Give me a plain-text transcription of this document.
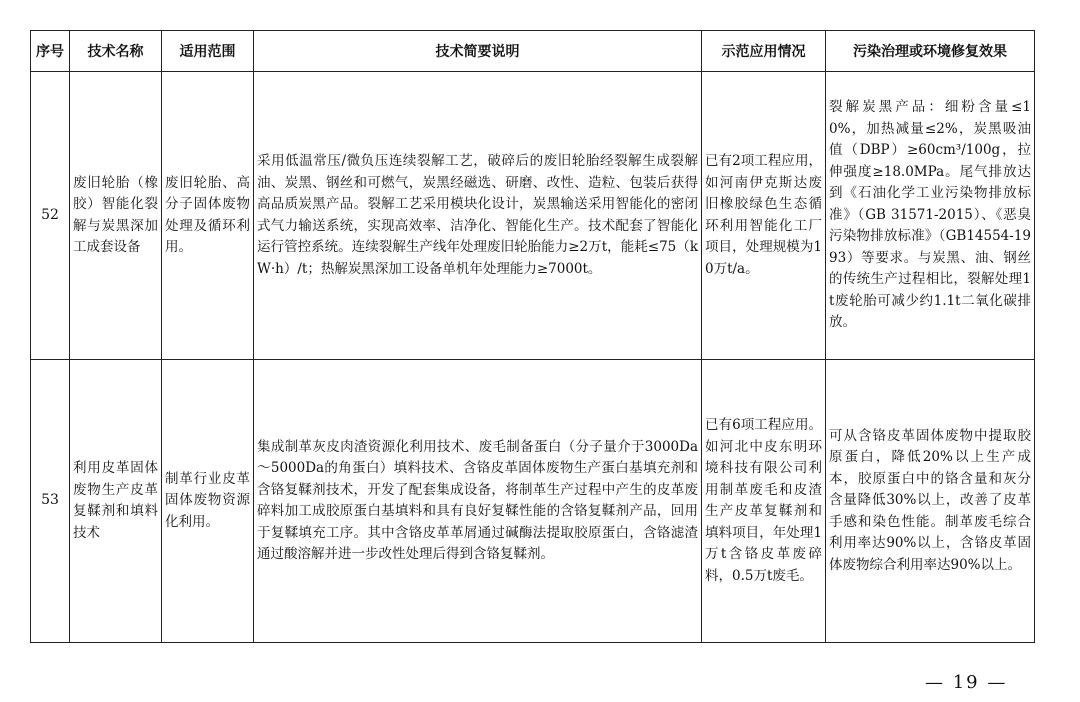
序号	技术名称	适用范围	技术简要说明	示范应用情况	污染治理或环境修复效果
52	废旧轮胎（橡胶）智能化裂解与炭黑深加工成套设备	废旧轮胎、高分子固体废物处理及循环利用。	采用低温常压/微负压连续裂解工艺，破碎后的废旧轮胎经裂解生成裂解油、炭黑、钢丝和可燃气，炭黑经磁选、研磨、改性、造粒、包装后获得高品质炭黑产品。裂解工艺采用模块化设计，炭黑输送采用智能化的密闭式气力输送系统，实现高效率、洁净化、智能化生产。技术配套了智能化运行管控系统。连续裂解生产线年处理废旧轮胎能力≥2万t，能耗≤75（kW·h）/t；热解炭黑深加工设备单机年处理能力≥7000t。	已有2项工程应用，如河南伊克斯达废旧橡胶绿色生态循环利用智能化工厂项目，处理规模为10万t/a。	裂解炭黑产品：细粉含量≤10%，加热减量≤2%，炭黑吸油值（DBP）≥60cm³/100g，拉伸强度≥18.0MPa。尾气排放达到《石油化学工业污染物排放标准》（GB 31571-2015）、《恶臭污染物排放标准》（GB14554-1993）等要求。与炭黑、油、钢丝的传统生产过程相比，裂解处理1t废轮胎可减少约1.1t二氧化碳排放。
53	利用皮革固体废物生产皮革复鞣剂和填料技术	制革行业皮革固体废物资源化利用。	集成制革灰皮肉渣资源化利用技术、废毛制备蛋白（分子量介于3000Da～5000Da的角蛋白）填料技术、含铬皮革固体废物生产蛋白基填充剂和含铬复鞣剂技术，开发了配套集成设备，将制革生产过程中产生的皮革废碎料加工成胶原蛋白基填料和具有良好复鞣性能的含铬复鞣剂产品，回用于复鞣填充工序。其中含铬皮革革屑通过碱酶法提取胶原蛋白，含铬滤渣通过酸溶解并进一步改性处理后得到含铬复鞣剂。	已有6项工程应用。如河北中皮东明环境科技有限公司利用制革废毛和皮渣生产皮革复鞣剂和填料项目，年处理1万t含铬皮革废碎料，0.5万t废毛。	可从含铬皮革固体废物中提取胶原蛋白，降低20%以上生产成本，胶原蛋白中的铬含量和灰分含量降低30%以上，改善了皮革手感和染色性能。制革废毛综合利用率达90%以上，含铬皮革固体废物综合利用率达90%以上。
— 19 —
